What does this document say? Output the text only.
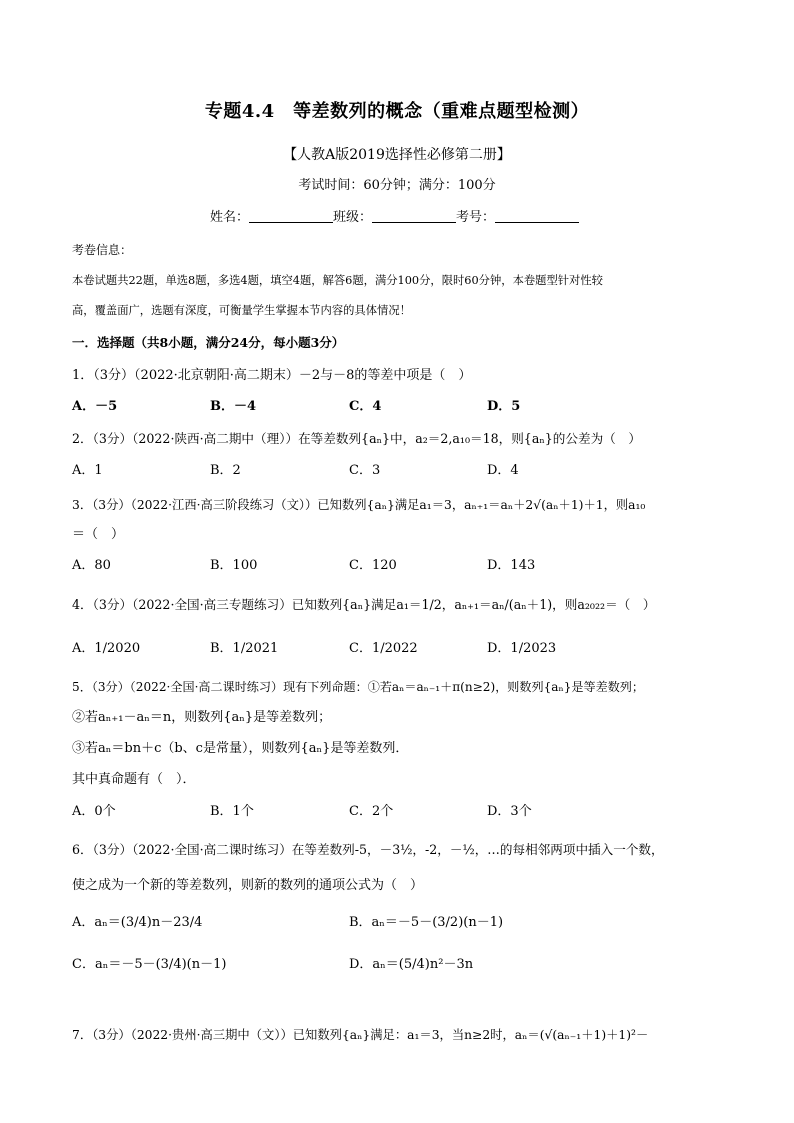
专题4.4　等差数列的概念（重难点题型检测）
【人教A版2019选择性必修第二册】
考试时间：60分钟；满分：100分
姓名：	班级：	考号：
考卷信息：
本卷试题共22题，单选8题，多选4题，填空4题，解答6题，满分100分，限时60分钟，本卷题型针对性较
高，覆盖面广，选题有深度，可衡量学生掌握本节内容的具体情况！
一．选择题（共8小题，满分24分，每小题3分）
1．（3分）（2022·北京朝阳·高二期末）－2与－8的等差中项是（　）
A．－5	B．－4	C．4	D．5
2．（3分）（2022·陕西·高二期中（理））在等差数列{aₙ}中，a₂＝2,a₁₀＝18，则{aₙ}的公差为（　）
A．1	B．2	C．3	D．4
3．（3分）（2022·江西·高三阶段练习（文））已知数列{aₙ}满足a₁＝3，aₙ₊₁＝aₙ＋2√(aₙ＋1)＋1，则a₁₀
＝（　）
A．80	B．100	C．120	D．143
4．（3分）（2022·全国·高三专题练习）已知数列{aₙ}满足a₁＝1/2，aₙ₊₁＝aₙ/(aₙ＋1)，则a₂₀₂₂＝（　）
A．1/2020	B．1/2021	C．1/2022	D．1/2023
5．（3分）（2022·全国·高二课时练习）现有下列命题：①若aₙ＝aₙ₋₁＋π(n≥2)，则数列{aₙ}是等差数列；
②若aₙ₊₁－aₙ＝n，则数列{aₙ}是等差数列；
③若aₙ＝bn＋c（b、c是常量），则数列{aₙ}是等差数列．
其中真命题有（　）．
A．0个	B．1个	C．2个	D．3个
6．（3分）（2022·全国·高二课时练习）在等差数列-5，－3½，-2，－½，…的每相邻两项中插入一个数，
使之成为一个新的等差数列，则新的数列的通项公式为（　）
A．aₙ＝(3/4)n－23/4	B．aₙ＝－5－(3/2)(n－1)
C．aₙ＝－5－(3/4)(n－1)	D．aₙ＝(5/4)n²－3n
7．（3分）（2022·贵州·高三期中（文））已知数列{aₙ}满足：a₁＝3，当n≥2时，aₙ＝(√(aₙ₋₁＋1)＋1)²－
